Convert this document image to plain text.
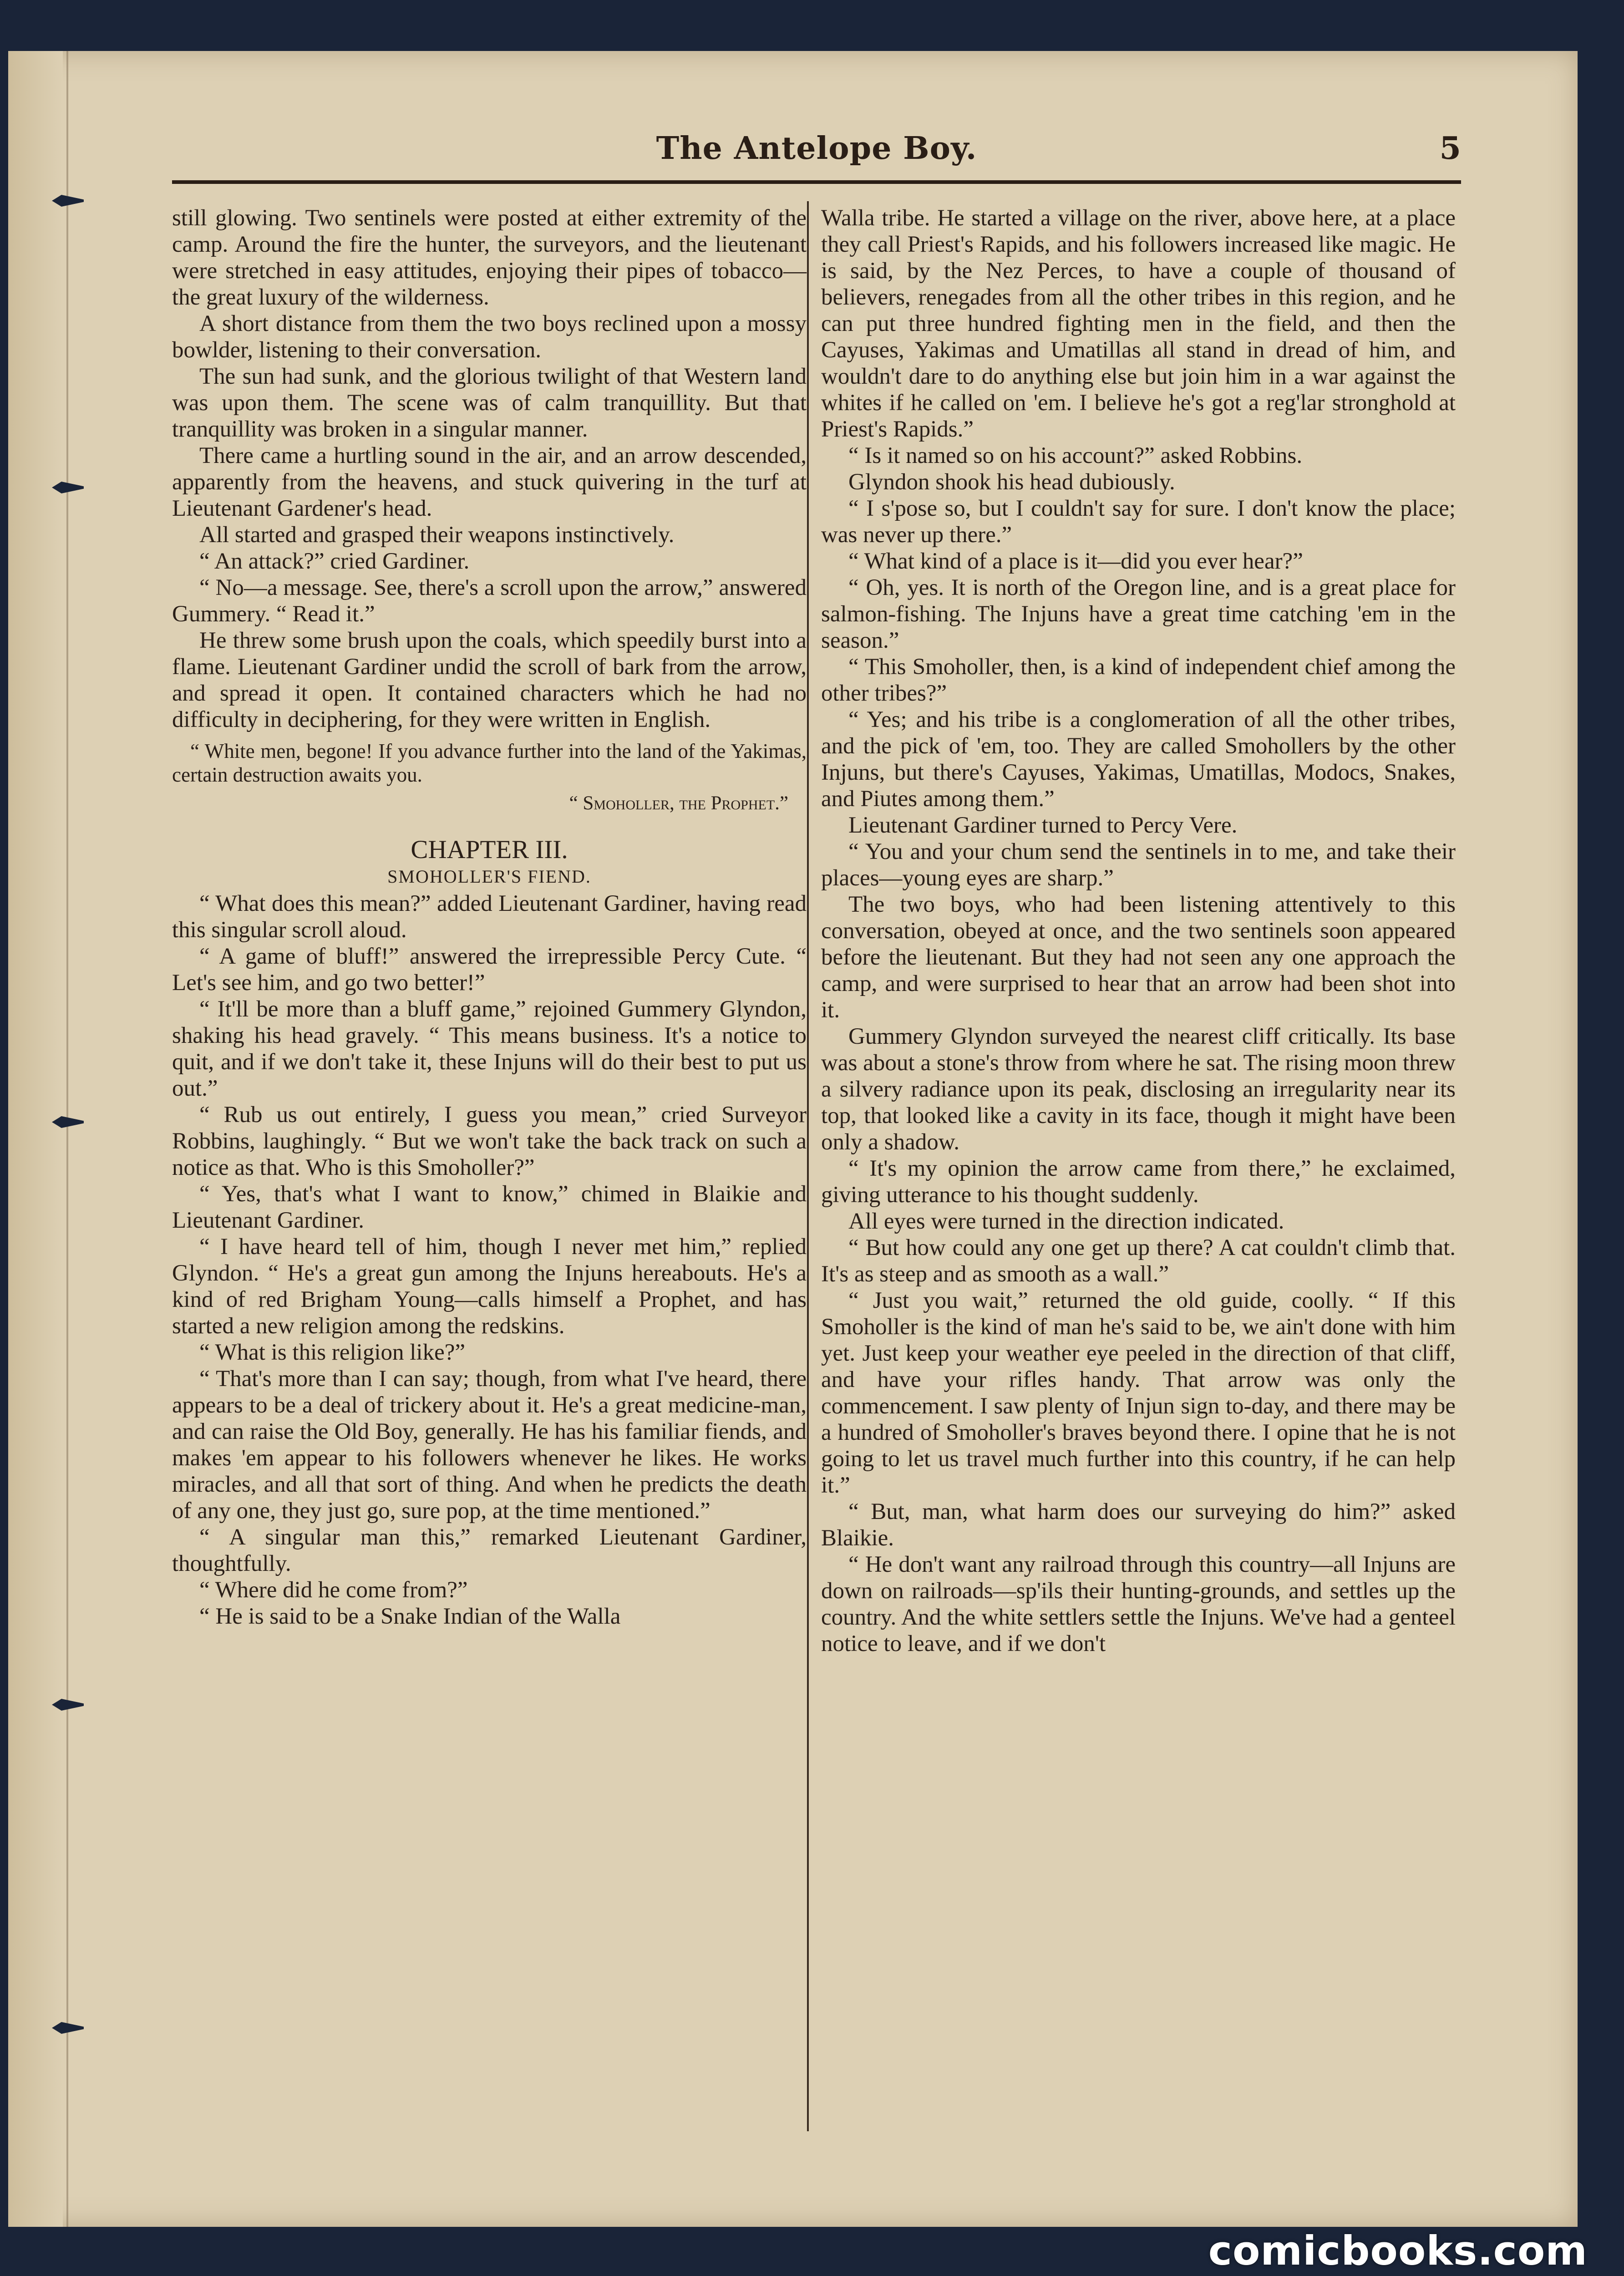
The Antelope Boy.	5

still glowing. Two sentinels were posted at either extremity of the camp. Around the fire the hunter, the surveyors, and the lieutenant were stretched in easy attitudes, enjoying their pipes of tobacco—the great luxury of the wilderness.

A short distance from them the two boys reclined upon a mossy bowlder, listening to their conversation.

The sun had sunk, and the glorious twilight of that Western land was upon them. The scene was of calm tranquillity. But that tranquillity was broken in a singular manner.

There came a hurtling sound in the air, and an arrow descended, apparently from the heavens, and stuck quivering in the turf at Lieutenant Gardener's head.

All started and grasped their weapons instinctively.

“ An attack?” cried Gardiner.

“ No—a message. See, there's a scroll upon the arrow,” answered Gummery. “ Read it.”

He threw some brush upon the coals, which speedily burst into a flame. Lieutenant Gardiner undid the scroll of bark from the arrow, and spread it open. It contained characters which he had no difficulty in deciphering, for they were written in English.

“ White men, begone! If you advance further into the land of the Yakimas, certain destruction awaits you.

“ Smoholler, the Prophet.”
CHAPTER III.
SMOHOLLER'S FIEND.

“ What does this mean?” added Lieutenant Gardiner, having read this singular scroll aloud.

“ A game of bluff!” answered the irrepressible Percy Cute. “ Let's see him, and go two better!”

“ It'll be more than a bluff game,” rejoined Gummery Glyndon, shaking his head gravely. “ This means business. It's a notice to quit, and if we don't take it, these Injuns will do their best to put us out.”

“ Rub us out entirely, I guess you mean,” cried Surveyor Robbins, laughingly. “ But we won't take the back track on such a notice as that. Who is this Smoholler?”

“ Yes, that's what I want to know,” chimed in Blaikie and Lieutenant Gardiner.

“ I have heard tell of him, though I never met him,” replied Glyndon. “ He's a great gun among the Injuns hereabouts. He's a kind of red Brigham Young—calls himself a Prophet, and has started a new religion among the redskins.

“ What is this religion like?”

“ That's more than I can say; though, from what I've heard, there appears to be a deal of trickery about it. He's a great medicine-man, and can raise the Old Boy, generally. He has his familiar fiends, and makes 'em appear to his followers whenever he likes. He works miracles, and all that sort of thing. And when he predicts the death of any one, they just go, sure pop, at the time mentioned.”

“ A singular man this,” remarked Lieutenant Gardiner, thoughtfully.

“ Where did he come from?”

“ He is said to be a Snake Indian of the Walla

Walla tribe. He started a village on the river, above here, at a place they call Priest's Rapids, and his followers increased like magic. He is said, by the Nez Perces, to have a couple of thousand of believers, renegades from all the other tribes in this region, and he can put three hundred fighting men in the field, and then the Cayuses, Yakimas and Umatillas all stand in dread of him, and wouldn't dare to do anything else but join him in a war against the whites if he called on 'em. I believe he's got a reg'lar stronghold at Priest's Rapids.”

“ Is it named so on his account?” asked Robbins.

Glyndon shook his head dubiously.

“ I s'pose so, but I couldn't say for sure. I don't know the place; was never up there.”

“ What kind of a place is it—did you ever hear?”

“ Oh, yes. It is north of the Oregon line, and is a great place for salmon-fishing. The Injuns have a great time catching 'em in the season.”

“ This Smoholler, then, is a kind of independent chief among the other tribes?”

“ Yes; and his tribe is a conglomeration of all the other tribes, and the pick of 'em, too. They are called Smohollers by the other Injuns, but there's Cayuses, Yakimas, Umatillas, Modocs, Snakes, and Piutes among them.”

Lieutenant Gardiner turned to Percy Vere.

“ You and your chum send the sentinels in to me, and take their places—young eyes are sharp.”

The two boys, who had been listening attentively to this conversation, obeyed at once, and the two sentinels soon appeared before the lieutenant. But they had not seen any one approach the camp, and were surprised to hear that an arrow had been shot into it.

Gummery Glyndon surveyed the nearest cliff critically. Its base was about a stone's throw from where he sat. The rising moon threw a silvery radiance upon its peak, disclosing an irregularity near its top, that looked like a cavity in its face, though it might have been only a shadow.

“ It's my opinion the arrow came from there,” he exclaimed, giving utterance to his thought suddenly.

All eyes were turned in the direction indicated.

“ But how could any one get up there? A cat couldn't climb that. It's as steep and as smooth as a wall.”

“ Just you wait,” returned the old guide, coolly. “ If this Smoholler is the kind of man he's said to be, we ain't done with him yet. Just keep your weather eye peeled in the direction of that cliff, and have your rifles handy. That arrow was only the commencement. I saw plenty of Injun sign to-day, and there may be a hundred of Smoholler's braves beyond there. I opine that he is not going to let us travel much further into this country, if he can help it.”

“ But, man, what harm does our surveying do him?” asked Blaikie.

“ He don't want any railroad through this country—all Injuns are down on railroads—sp'ils their hunting-grounds, and settles up the country. And the white settlers settle the Injuns. We've had a genteel notice to leave, and if we don't

comicbooks.com
